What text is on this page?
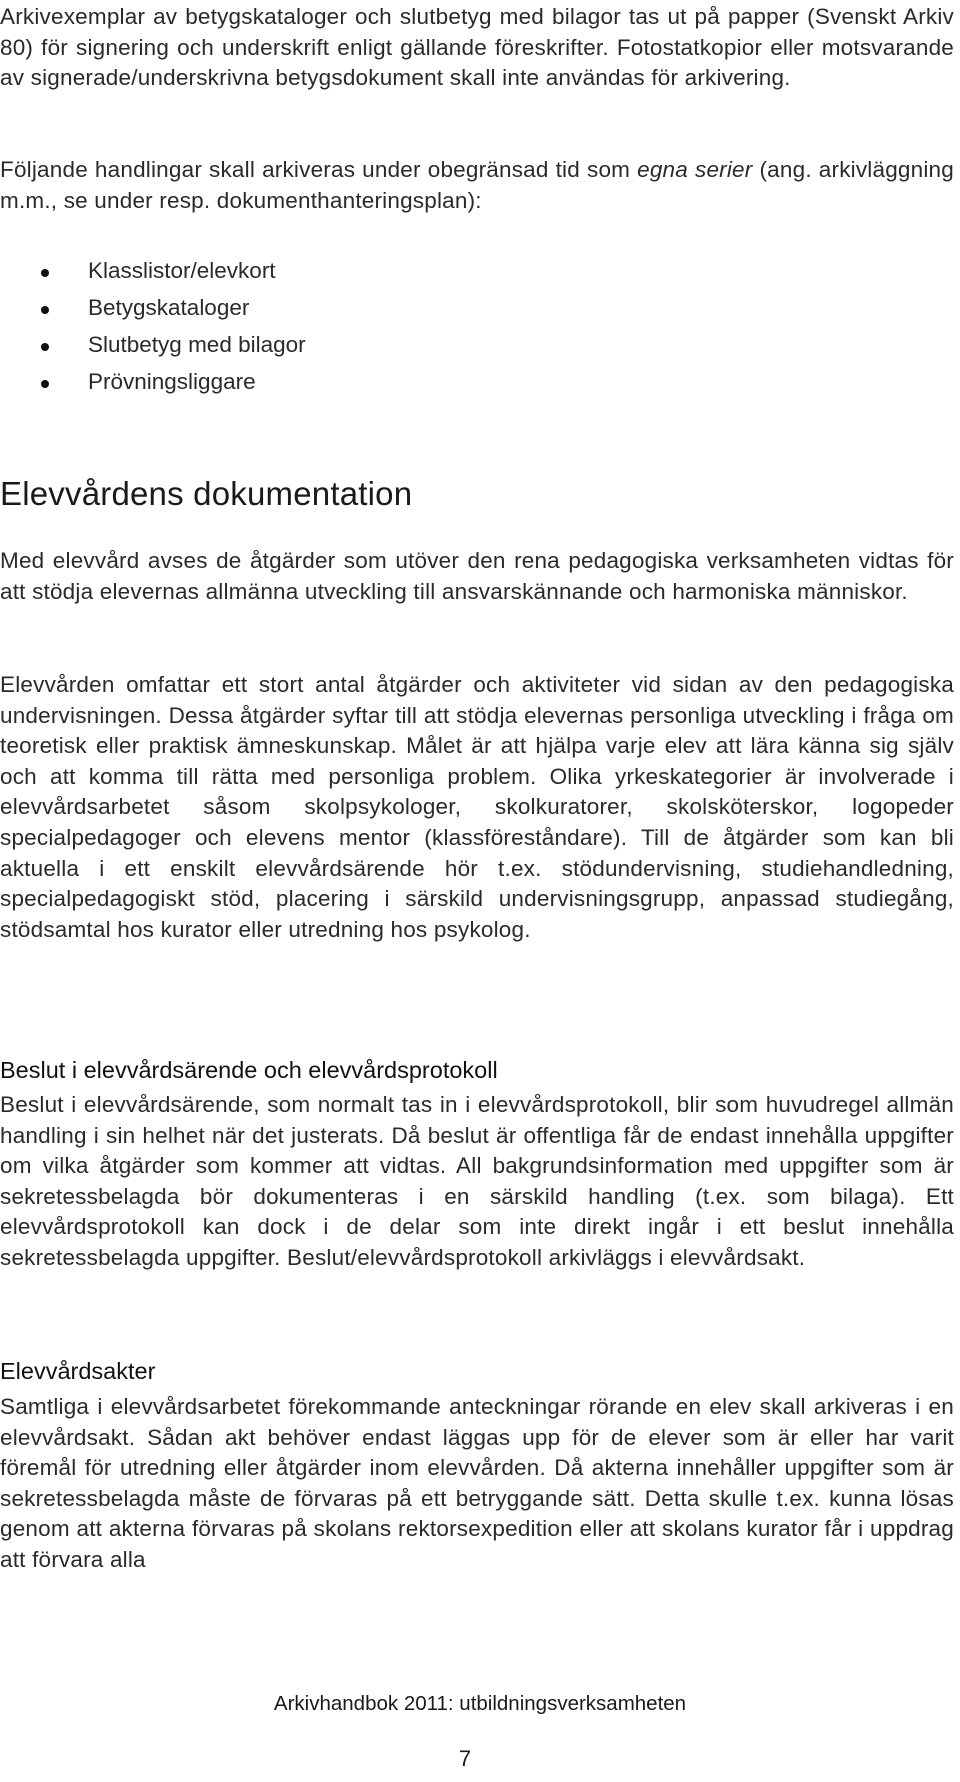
Arkivexemplar av betygskataloger och slutbetyg med bilagor tas ut på papper (Svenskt Arkiv 80) för signering och underskrift enligt gällande föreskrifter. Fotostatkopior eller motsvarande av signerade/underskrivna betygsdokument skall inte användas för arkivering.

Följande handlingar skall arkiveras under obegränsad tid som egna serier (ang. arkivläggning m.m., se under resp. dokumenthanteringsplan):

Klasslistor/elevkort
Betygskataloger
Slutbetyg med bilagor
Prövningsliggare
Elevvårdens dokumentation

Med elevvård avses de åtgärder som utöver den rena pedagogiska verksamheten vidtas för att stödja elevernas allmänna utveckling till ansvarskännande och harmoniska människor.

Elevvården omfattar ett stort antal åtgärder och aktiviteter vid sidan av den pedagogiska undervisningen. Dessa åtgärder syftar till att stödja elevernas personliga utveckling i fråga om teoretisk eller praktisk ämneskunskap. Målet är att hjälpa varje elev att lära känna sig själv och att komma till rätta med personliga problem. Olika yrkeskategorier är involverade i elevvårdsarbetet såsom skolpsykologer, skolkuratorer, skolsköterskor, logopeder specialpedagoger och elevens mentor (klassföreståndare). Till de åtgärder som kan bli aktuella i ett enskilt elevvårdsärende hör t.ex. stödundervisning, studiehandledning, specialpedagogiskt stöd, placering i särskild undervisningsgrupp, anpassad studiegång, stödsamtal hos kurator eller utredning hos psykolog.

Beslut i elevvårdsärende och elevvårdsprotokoll

Beslut i elevvårdsärende, som normalt tas in i elevvårdsprotokoll, blir som huvudregel allmän handling i sin helhet när det justerats. Då beslut är offentliga får de endast innehålla uppgifter om vilka åtgärder som kommer att vidtas. All bakgrundsinformation med uppgifter som är sekretessbelagda bör dokumenteras i en särskild handling (t.ex. som bilaga). Ett elevvårdsprotokoll kan dock i de delar som inte direkt ingår i ett beslut innehålla sekretessbelagda uppgifter. Beslut/elevvårdsprotokoll arkivläggs i elevvårdsakt.

Elevvårdsakter

Samtliga i elevvårdsarbetet förekommande anteckningar rörande en elev skall arkiveras i en elevvårdsakt. Sådan akt behöver endast läggas upp för de elever som är eller har varit föremål för utredning eller åtgärder inom elevvården. Då akterna innehåller uppgifter som är sekretessbelagda måste de förvaras på ett betryggande sätt. Detta skulle t.ex. kunna lösas genom att akterna förvaras på skolans rektorsexpedition eller att skolans kurator får i uppdrag att förvara alla

Arkivhandbok 2011: utbildningsverksamheten
7
